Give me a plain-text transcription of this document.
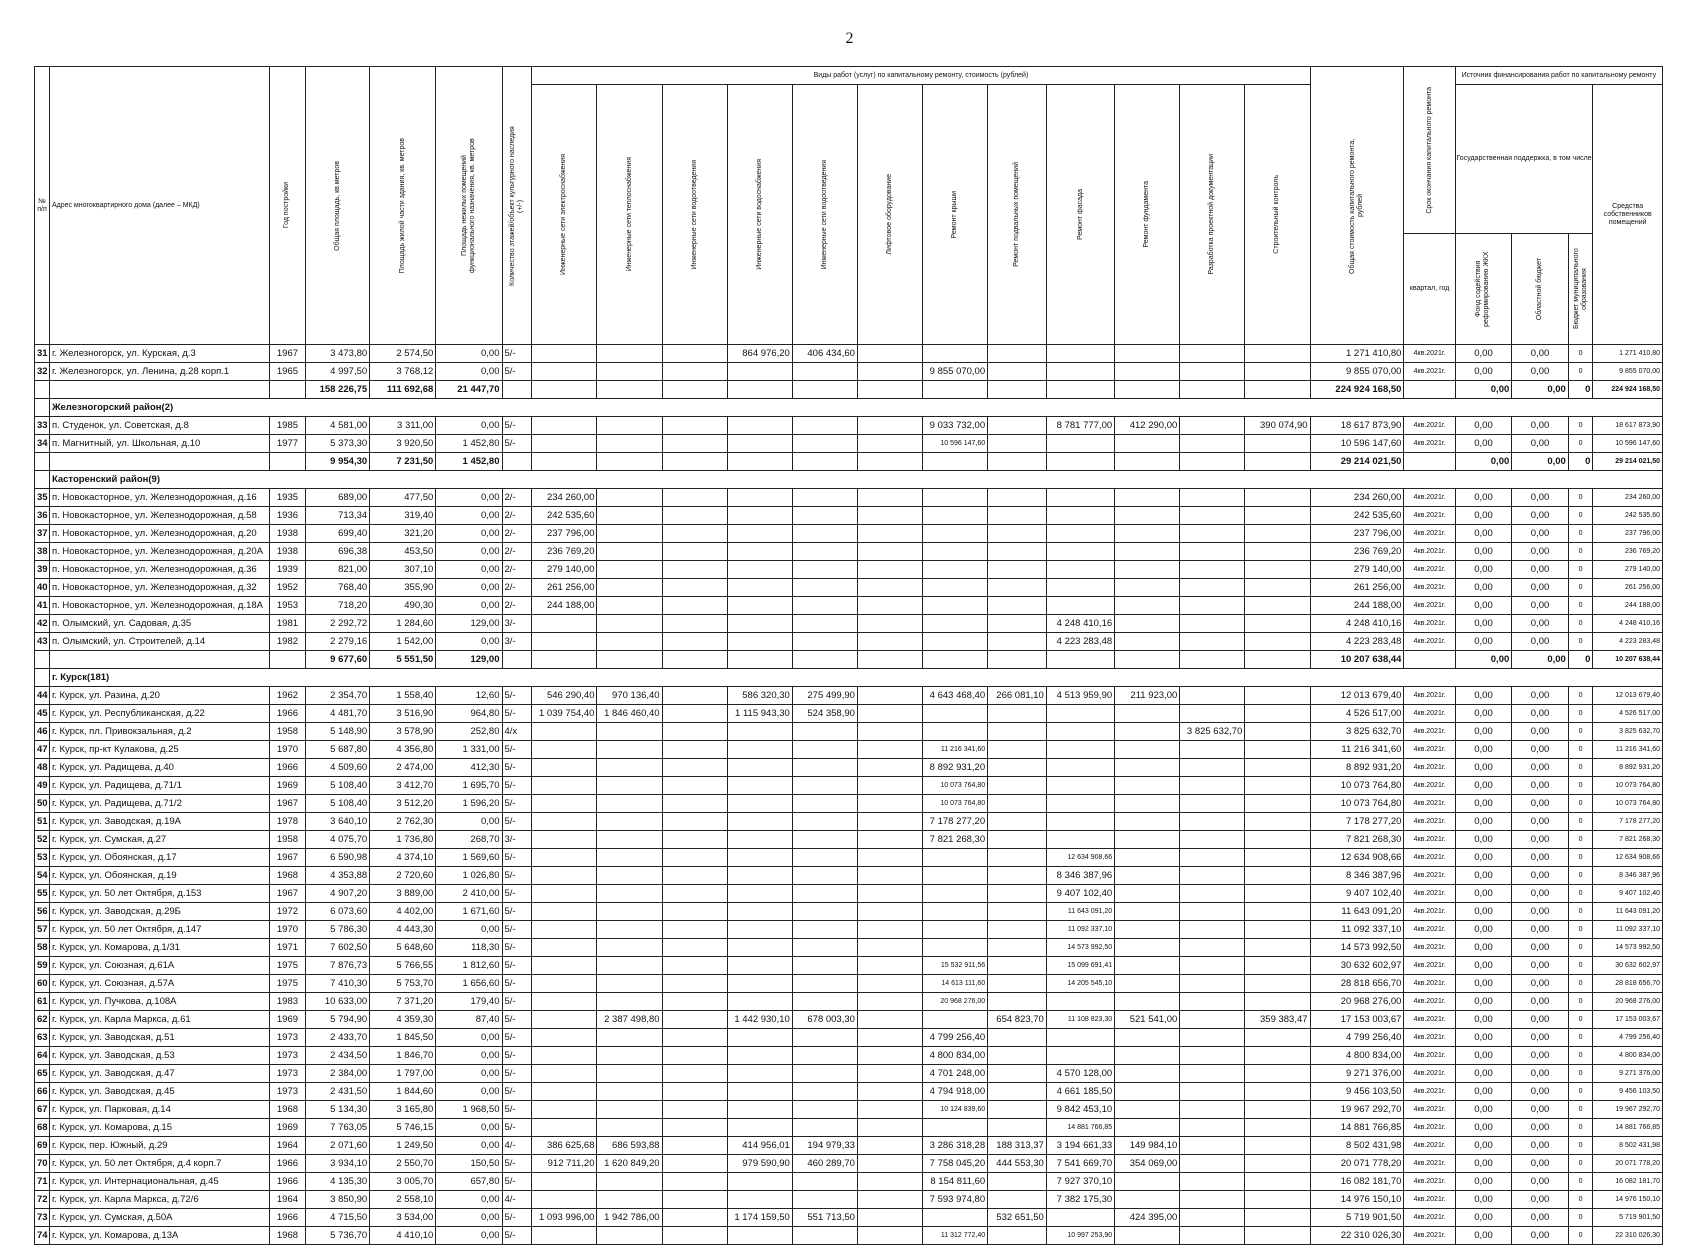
2
№ п/п	Адрес многоквартирного дома (далее – МКД)	Год постройки	Общая площадь, кв.метров	Площадь жилой части здания, кв. метров	Площадь нежилых помещений функционального назначения, кв. метров	Количество этажей/объект культурного наследия (+/-)	Виды работ (услуг) по капитальному ремонту, стоимость (рублей)												Общая стоимость капитального ремонта, рублей	Срок окончания капитального ремонта	Источник финансирования работ по капитальному ремонту			

							Инженерные сети электроснабжения	Инженерные сети теплоснабжения	Инженерные сети водоотведения	Инженерные сети водоснабжения	Инженерные сети водоотведения	Лифтовое оборудование	Ремонт крыши	Ремонт подвальных помещений	Ремонт фасада	Ремонт фундамента	Разработка проектной документации	Строительный контроль			Государственная поддержка, в том числе			Средства собственников помещений
																				квартал, год	Фонд содействия реформированию ЖКХ	Областной бюджет	Бюджет муниципального образования	

31	г. Железногорск, ул. Курская, д.3	1967	3 473,80	2 574,50	0,00	5/-				864 976,20	406 434,60								1 271 410,80	4кв.2021г.	0,00	0,00	0	1 271 410,80
32	г. Железногорск, ул. Ленина, д.28 корп.1	1965	4 997,50	3 768,12	0,00	5/-							9 855 070,00						9 855 070,00	4кв.2021г.	0,00	0,00	0	9 855 070,00
			158 226,75	111 692,68	21 447,70														224 924 168,50		0,00	0,00	0	224 924 168,50
	Железногорский район(2)																							
33	п. Студенок, ул. Советская, д.8	1985	4 581,00	3 311,00	0,00	5/-							9 033 732,00		8 781 777,00	412 290,00		390 074,90	18 617 873,90	4кв.2021г.	0,00	0,00	0	18 617 873,90
34	п. Магнитный, ул. Школьная, д.10	1977	5 373,30	3 920,50	1 452,80	5/-							10 596 147,60						10 596 147,60	4кв.2021г.	0,00	0,00	0	10 596 147,60
			9 954,30	7 231,50	1 452,80														29 214 021,50		0,00	0,00	0	29 214 021,50
	Касторенский район(9)																							
35	п. Новокасторное, ул. Железнодорожная, д.16	1935	689,00	477,50	0,00	2/-	234 260,00												234 260,00	4кв.2021г.	0,00	0,00	0	234 260,00
36	п. Новокасторное, ул. Железнодорожная, д.58	1936	713,34	319,40	0,00	2/-	242 535,60												242 535,60	4кв.2021г.	0,00	0,00	0	242 535,60
37	п. Новокасторное, ул. Железнодорожная, д.20	1938	699,40	321,20	0,00	2/-	237 796,00												237 796,00	4кв.2021г.	0,00	0,00	0	237 796,00
38	п. Новокасторное, ул. Железнодорожная, д.20А	1938	696,38	453,50	0,00	2/-	236 769,20												236 769,20	4кв.2021г.	0,00	0,00	0	236 769,20
39	п. Новокасторное, ул. Железнодорожная, д.36	1939	821,00	307,10	0,00	2/-	279 140,00												279 140,00	4кв.2021г.	0,00	0,00	0	279 140,00
40	п. Новокасторное, ул. Железнодорожная, д.32	1952	768,40	355,90	0,00	2/-	261 256,00												261 256,00	4кв.2021г.	0,00	0,00	0	261 256,00
41	п. Новокасторное, ул. Железнодорожная, д.18А	1953	718,20	490,30	0,00	2/-	244 188,00												244 188,00	4кв.2021г.	0,00	0,00	0	244 188,00
42	п. Олымский, ул. Садовая, д.35	1981	2 292,72	1 284,60	129,00	3/-									4 248 410,16				4 248 410,16	4кв.2021г.	0,00	0,00	0	4 248 410,16
43	п. Олымский, ул. Строителей, д.14	1982	2 279,16	1 542,00	0,00	3/-									4 223 283,48				4 223 283,48	4кв.2021г.	0,00	0,00	0	4 223 283,48
			9 677,60	5 551,50	129,00														10 207 638,44		0,00	0,00	0	10 207 638,44
	г. Курск(181)																							
44	г. Курск, ул. Разина, д.20	1962	2 354,70	1 558,40	12,60	5/-	546 290,40	970 136,40		586 320,30	275 499,90		4 643 468,40	266 081,10	4 513 959,90	211 923,00			12 013 679,40	4кв.2021г.	0,00	0,00	0	12 013 679,40
45	г. Курск, ул. Республиканская, д.22	1966	4 481,70	3 516,90	964,80	5/-	1 039 754,40	1 846 460,40		1 115 943,30	524 358,90								4 526 517,00	4кв.2021г.	0,00	0,00	0	4 526 517,00
46	г. Курск, пл. Привокзальная, д.2	1958	5 148,90	3 578,90	252,80	4/х											3 825 632,70		3 825 632,70	4кв.2021г.	0,00	0,00	0	3 825 632,70
47	г. Курск, пр-кт Кулакова, д.25	1970	5 687,80	4 356,80	1 331,00	5/-							11 216 341,60						11 216 341,60	4кв.2021г.	0,00	0,00	0	11 216 341,60
48	г. Курск, ул. Радищева, д.40	1966	4 509,60	2 474,00	412,30	5/-							8 892 931,20						8 892 931,20	4кв.2021г.	0,00	0,00	0	8 892 931,20
49	г. Курск, ул. Радищева, д.71/1	1969	5 108,40	3 412,70	1 695,70	5/-							10 073 764,80						10 073 764,80	4кв.2021г.	0,00	0,00	0	10 073 764,80
50	г. Курск, ул. Радищева, д.71/2	1967	5 108,40	3 512,20	1 596,20	5/-							10 073 764,80						10 073 764,80	4кв.2021г.	0,00	0,00	0	10 073 764,80
51	г. Курск, ул. Заводская, д.19А	1978	3 640,10	2 762,30	0,00	5/-							7 178 277,20						7 178 277,20	4кв.2021г.	0,00	0,00	0	7 178 277,20
52	г. Курск, ул. Сумская, д.27	1958	4 075,70	1 736,80	268,70	3/-							7 821 268,30						7 821 268,30	4кв.2021г.	0,00	0,00	0	7 821 268,30
53	г. Курск, ул. Обоянская, д.17	1967	6 590,98	4 374,10	1 569,60	5/-									12 634 908,66				12 634 908,66	4кв.2021г.	0,00	0,00	0	12 634 908,66
54	г. Курск, ул. Обоянская, д.19	1968	4 353,88	2 720,60	1 026,80	5/-									8 346 387,96				8 346 387,96	4кв.2021г.	0,00	0,00	0	8 346 387,96
55	г. Курск, ул. 50 лет Октября, д.153	1967	4 907,20	3 889,00	2 410,00	5/-									9 407 102,40				9 407 102,40	4кв.2021г.	0,00	0,00	0	9 407 102,40
56	г. Курск, ул. Заводская, д.29Б	1972	6 073,60	4 402,00	1 671,60	5/-									11 643 091,20				11 643 091,20	4кв.2021г.	0,00	0,00	0	11 643 091,20
57	г. Курск, ул. 50 лет Октября, д.147	1970	5 786,30	4 443,30	0,00	5/-									11 092 337,10				11 092 337,10	4кв.2021г.	0,00	0,00	0	11 092 337,10
58	г. Курск, ул. Комарова, д.1/31	1971	7 602,50	5 648,60	118,30	5/-									14 573 992,50				14 573 992,50	4кв.2021г.	0,00	0,00	0	14 573 992,50
59	г. Курск, ул. Союзная, д.61А	1975	7 876,73	5 766,55	1 812,60	5/-							15 532 911,56		15 099 691,41				30 632 602,97	4кв.2021г.	0,00	0,00	0	30 632 602,97
60	г. Курск, ул. Союзная, д.57А	1975	7 410,30	5 753,70	1 656,60	5/-							14 613 111,60		14 205 545,10				28 818 656,70	4кв.2021г.	0,00	0,00	0	28 818 656,70
61	г. Курск, ул. Пучкова, д.108А	1983	10 633,00	7 371,20	179,40	5/-							20 968 276,00						20 968 276,00	4кв.2021г.	0,00	0,00	0	20 968 276,00
62	г. Курск, ул. Карла Маркса, д.61	1969	5 794,90	4 359,30	87,40	5/-		2 387 498,80		1 442 930,10	678 003,30			654 823,70	11 108 823,30	521 541,00		359 383,47	17 153 003,67	4кв.2021г.	0,00	0,00	0	17 153 003,67
63	г. Курск, ул. Заводская, д.51	1973	2 433,70	1 845,50	0,00	5/-							4 799 256,40						4 799 256,40	4кв.2021г.	0,00	0,00	0	4 799 256,40
64	г. Курск, ул. Заводская, д.53	1973	2 434,50	1 846,70	0,00	5/-							4 800 834,00						4 800 834,00	4кв.2021г.	0,00	0,00	0	4 800 834,00
65	г. Курск, ул. Заводская, д.47	1973	2 384,00	1 797,00	0,00	5/-							4 701 248,00		4 570 128,00				9 271 376,00	4кв.2021г.	0,00	0,00	0	9 271 376,00
66	г. Курск, ул. Заводская, д.45	1973	2 431,50	1 844,60	0,00	5/-							4 794 918,00		4 661 185,50				9 456 103,50	4кв.2021г.	0,00	0,00	0	9 456 103,50
67	г. Курск, ул. Парковая, д.14	1968	5 134,30	3 165,80	1 968,50	5/-							10 124 839,60		9 842 453,10				19 967 292,70	4кв.2021г.	0,00	0,00	0	19 967 292,70
68	г. Курск, ул. Комарова, д.15	1969	7 763,05	5 746,15	0,00	5/-									14 881 766,85				14 881 766,85	4кв.2021г.	0,00	0,00	0	14 881 766,85
69	г. Курск, пер. Южный, д.29	1964	2 071,60	1 249,50	0,00	4/-	386 625,68	686 593,88		414 956,01	194 979,33		3 286 318,28	188 313,37	3 194 661,33	149 984,10			8 502 431,98	4кв.2021г.	0,00	0,00	0	8 502 431,98
70	г. Курск, ул. 50 лет Октября, д.4 корп.7	1966	3 934,10	2 550,70	150,50	5/-	912 711,20	1 620 849,20		979 590,90	460 289,70		7 758 045,20	444 553,30	7 541 669,70	354 069,00			20 071 778,20	4кв.2021г.	0,00	0,00	0	20 071 778,20
71	г. Курск, ул. Интернациональная, д.45	1966	4 135,30	3 005,70	657,80	5/-							8 154 811,60		7 927 370,10				16 082 181,70	4кв.2021г.	0,00	0,00	0	16 082 181,70
72	г. Курск, ул. Карла Маркса, д.72/6	1964	3 850,90	2 558,10	0,00	4/-							7 593 974,80		7 382 175,30				14 976 150,10	4кв.2021г.	0,00	0,00	0	14 976 150,10
73	г. Курск, ул. Сумская, д.50А	1966	4 715,50	3 534,00	0,00	5/-	1 093 996,00	1 942 786,00		1 174 159,50	551 713,50			532 651,50		424 395,00			5 719 901,50	4кв.2021г.	0,00	0,00	0	5 719 901,50
74	г. Курск, ул. Комарова, д.13А	1968	5 736,70	4 410,10	0,00	5/-							11 312 772,40		10 997 253,90				22 310 026,30	4кв.2021г.	0,00	0,00	0	22 310 026,30
